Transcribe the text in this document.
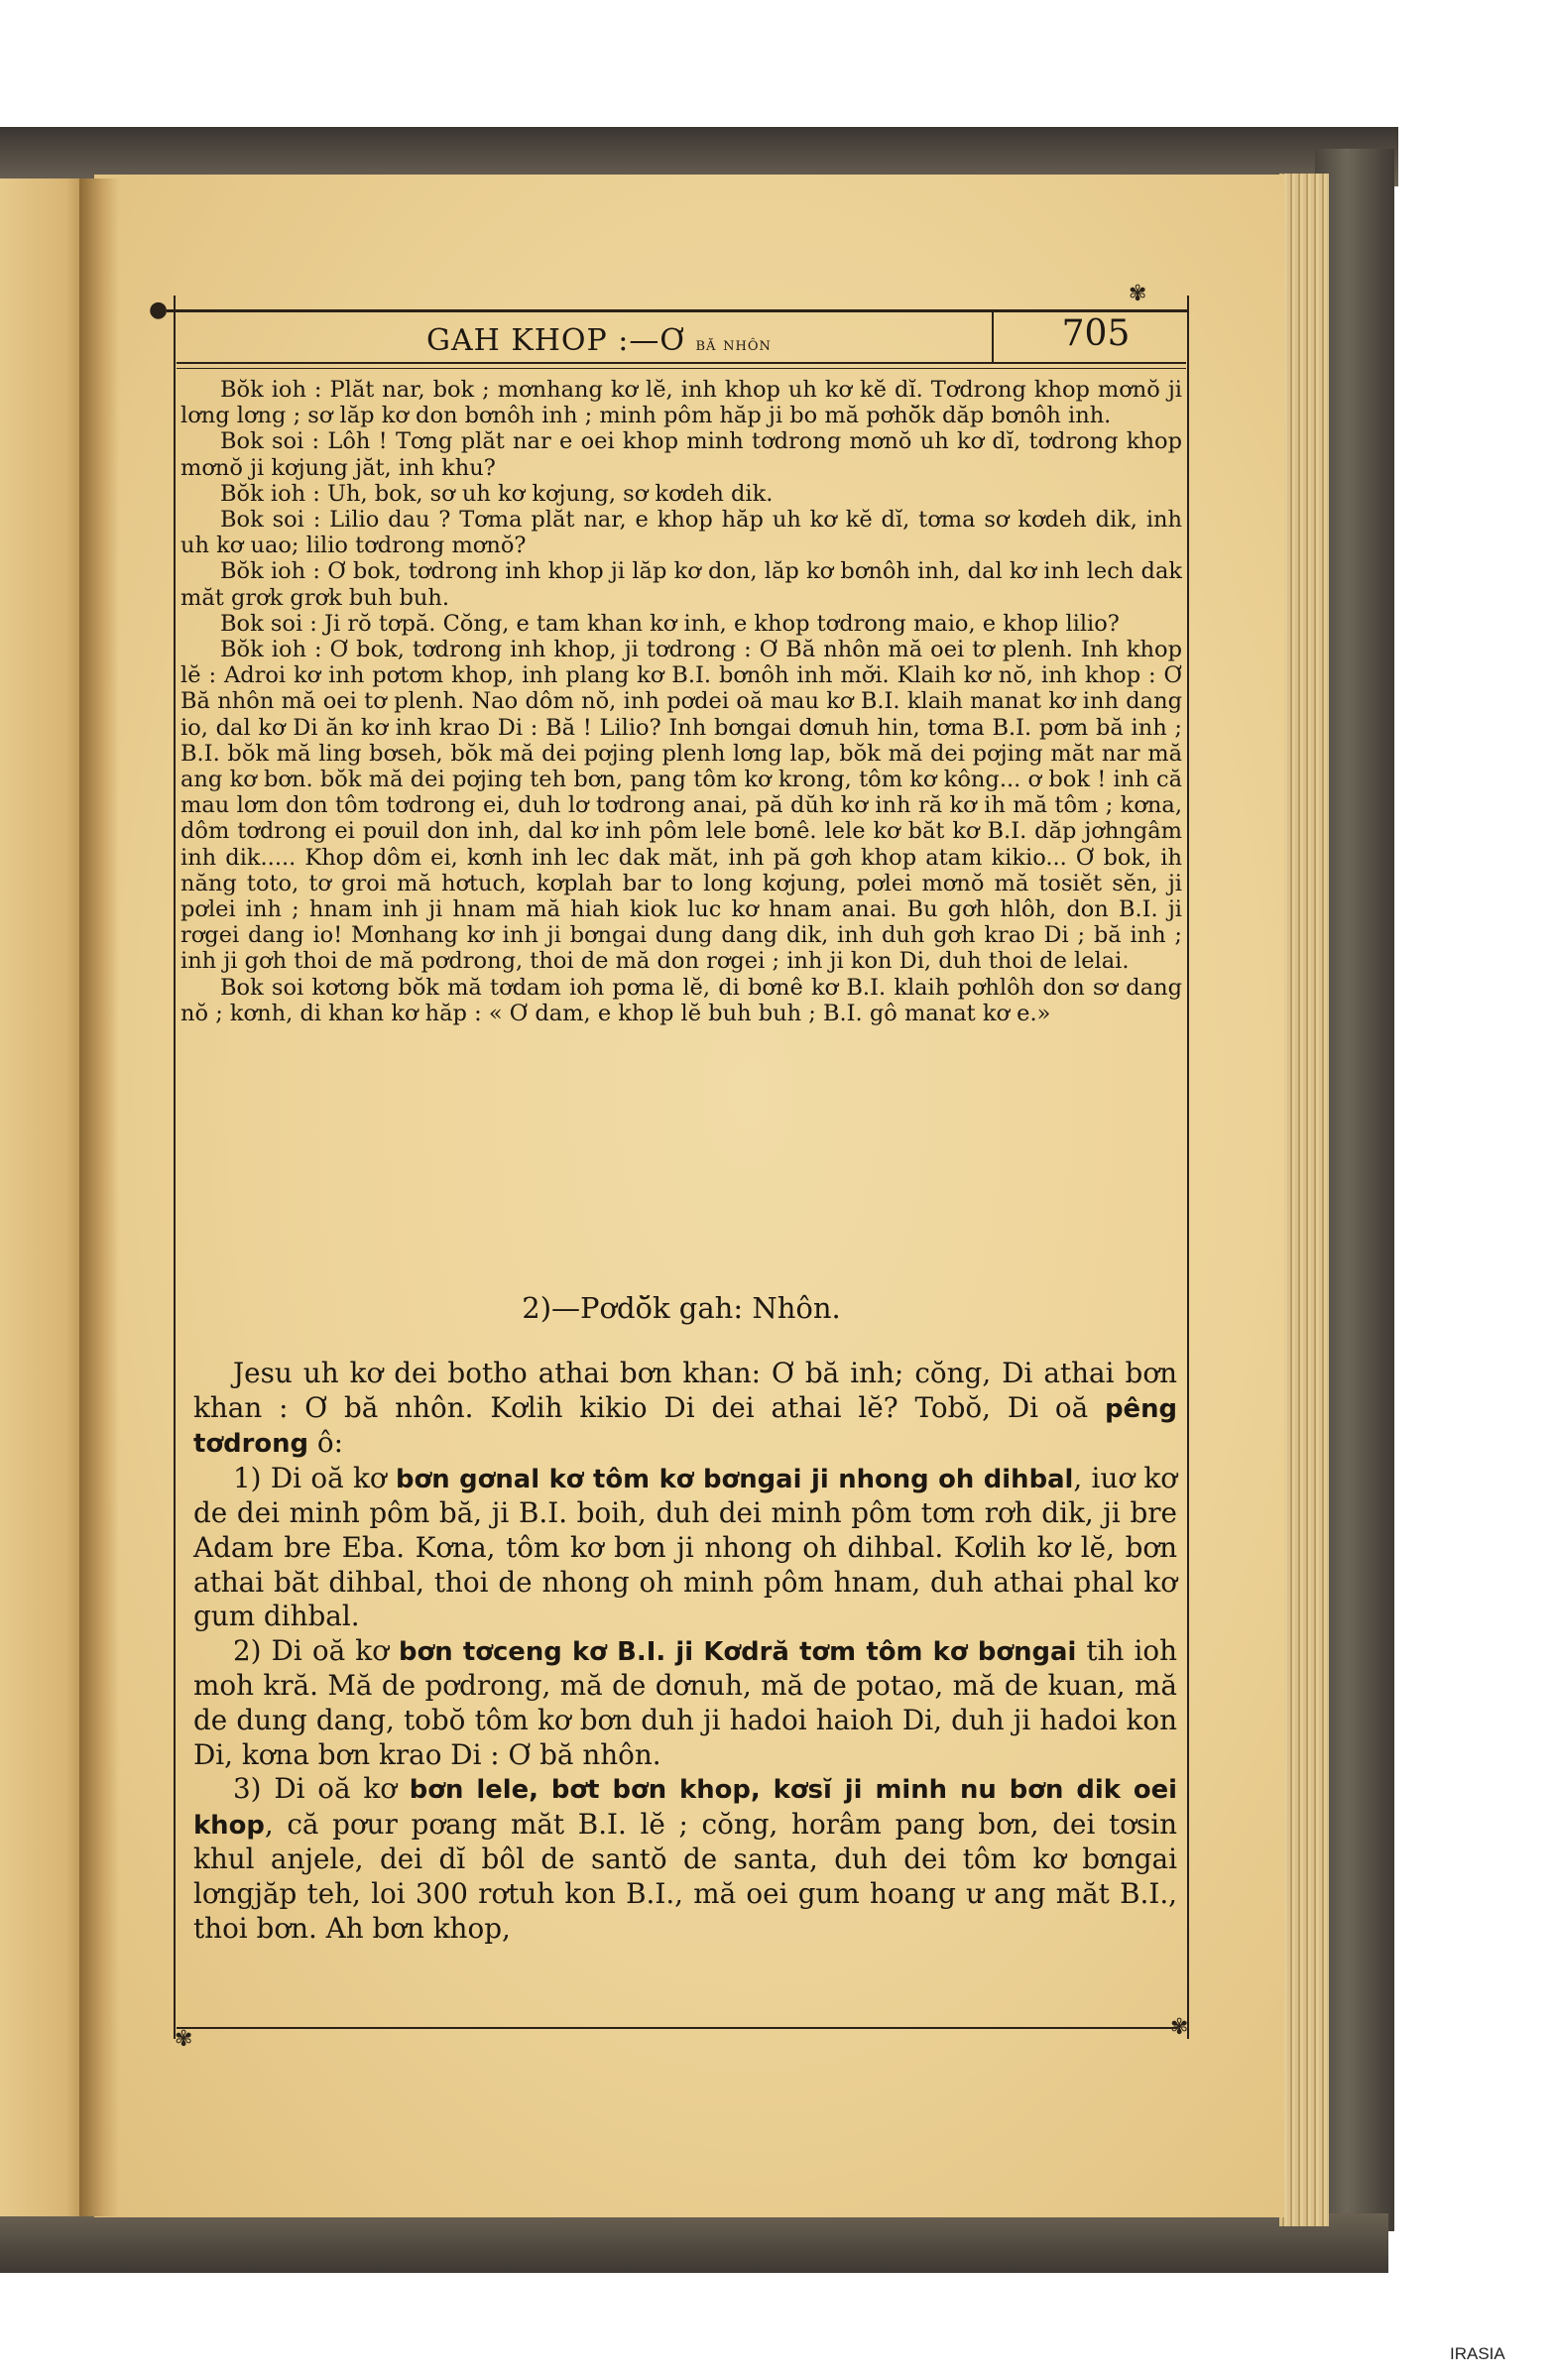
●
✾
✾	✾
GAH KHOP :—Ơ bă nhôn	705

Bŏk ioh : Plăt nar, bok ; mơnhang kơ lĕ, inh khop uh kơ kĕ dĭ. Tơdrong khop mơnŏ ji lơng lơng ; sơ lăp kơ don bơnôh inh ; minh pôm hăp ji bo mă pơhŏ̆k dăp bơnôh inh.

Bok soi : Lôh ! Tơng plăt nar e oei khop minh tơdrong mơnŏ uh kơ dĭ, tơdrong khop mơnŏ ji kơjung jăt, inh khu?

Bŏk ioh : Uh, bok, sơ uh kơ kơjung, sơ kơdeh dik.

Bok soi : Lilio dau ? Tơma plăt nar, e khop hăp uh kơ kĕ dĭ, tơma sơ kơdeh dik, inh uh kơ uao; lilio tơdrong mơnŏ?

Bŏk ioh : Ơ bok, tơdrong inh khop ji lăp kơ don, lăp kơ bơnôh inh, dal kơ inh lech dak măt grơk grơk buh buh.

Bok soi : Ji rŏ tơpă. Cŏng, e tam khan kơ inh, e khop tơdrong maio, e khop lilio?

Bŏk ioh : Ơ bok, tơdrong inh khop, ji tơdrong : Ơ Bă nhôn mă oei tơ plenh. Inh khop lĕ : Adroi kơ inh pơtơm khop, inh plang kơ B.I. bơnôh inh mơ̆i. Klaih kơ nŏ, inh khop : Ơ Bă nhôn mă oei tơ plenh. Nao dôm nŏ, inh pơdei oă mau kơ B.I. klaih manat kơ inh dang io, dal kơ Di ăn kơ inh krao Di : Bă ! Lilio? Inh bơngai dơnuh hin, tơma B.I. pơm bă inh ; B.I. bŏk mă ling bơseh, bŏk mă dei pơjing plenh lơng lap, bŏk mă dei pơjing măt nar mă ang kơ bơn. bŏk mă dei pơjing teh bơn, pang tôm kơ krong, tôm kơ kông... ơ bok ! inh că mau lơm don tôm tơdrong ei, duh lơ tơdrong anai, pă dŭh kơ inh ră kơ ih mă tôm ; kơna, dôm tơdrong ei pơuil don inh, dal kơ inh pôm lele bơnê. lele kơ băt kơ B.I. dăp jơhngâm inh dik..... Khop dôm ei, kơnh inh lec dak măt, inh pă gơh khop atam kikio... Ơ bok, ih năng toto, tơ groi mă hơtuch, kơplah bar to long kơjung, pơlei mơnŏ mă tosiĕt sĕn, ji pơlei inh ; hnam inh ji hnam mă hiah kiok luc kơ hnam anai. Bu gơh hlôh, don B.I. ji rơgei dang io! Mơnhang kơ inh ji bơngai dung dang dik, inh duh gơh krao Di ; bă inh ; inh ji gơh thoi de mă pơdrong, thoi de mă don rơgei ; inh ji kon Di, duh thoi de lelai.

Bok soi kơtơng bŏk mă tơdam ioh pơma lĕ, di bơnê kơ B.I. klaih pơhlôh don sơ dang nŏ ; kơnh, di khan kơ hăp : « Ơ dam, e khop lĕ buh buh ; B.I. gô manat kơ e.»

2)—Pơdŏ̆k gah: Nhôn.

Jesu uh kơ dei botho athai bơn khan: Ơ bă inh; cŏng, Di athai bơn khan : Ơ bă nhôn. Kơlih kikio Di dei athai lĕ? Tobŏ, Di oă pêng tơdrong ô:

1) Di oă kơ bơn gơnal kơ tôm kơ bơngai ji nhong oh dihbal, iuơ kơ de dei minh pôm bă, ji B.I. boih, duh dei minh pôm tơm rơh dik, ji bre Adam bre Eba. Kơna, tôm kơ bơn ji nhong oh dihbal. Kơlih kơ lĕ, bơn athai băt dihbal, thoi de nhong oh minh pôm hnam, duh athai phal kơ gum dihbal.

2) Di oă kơ bơn tơceng kơ B.I. ji Kơdră tơm tôm kơ bơngai tih ioh moh kră. Mă de pơdrong, mă de dơnuh, mă de potao, mă de kuan, mă de dung dang, tobŏ tôm kơ bơn duh ji hadoi haioh Di, duh ji hadoi kon Di, kơna bơn krao Di : Ơ bă nhôn.

3) Di oă kơ bơn lele, bơt bơn khop, kơsĭ ji minh nu bơn dik oei khop, că pơur pơang măt B.I. lĕ ; cŏng, horâm pang bơn, dei tơsin khul anjele, dei dĭ bôl de santŏ de santa, duh dei tôm kơ bơngai lơngjăp teh, loi 300 rơtuh kon B.I., mă oei gum hoang ư ang măt B.I., thoi bơn. Ah bơn khop,

IRASIA
